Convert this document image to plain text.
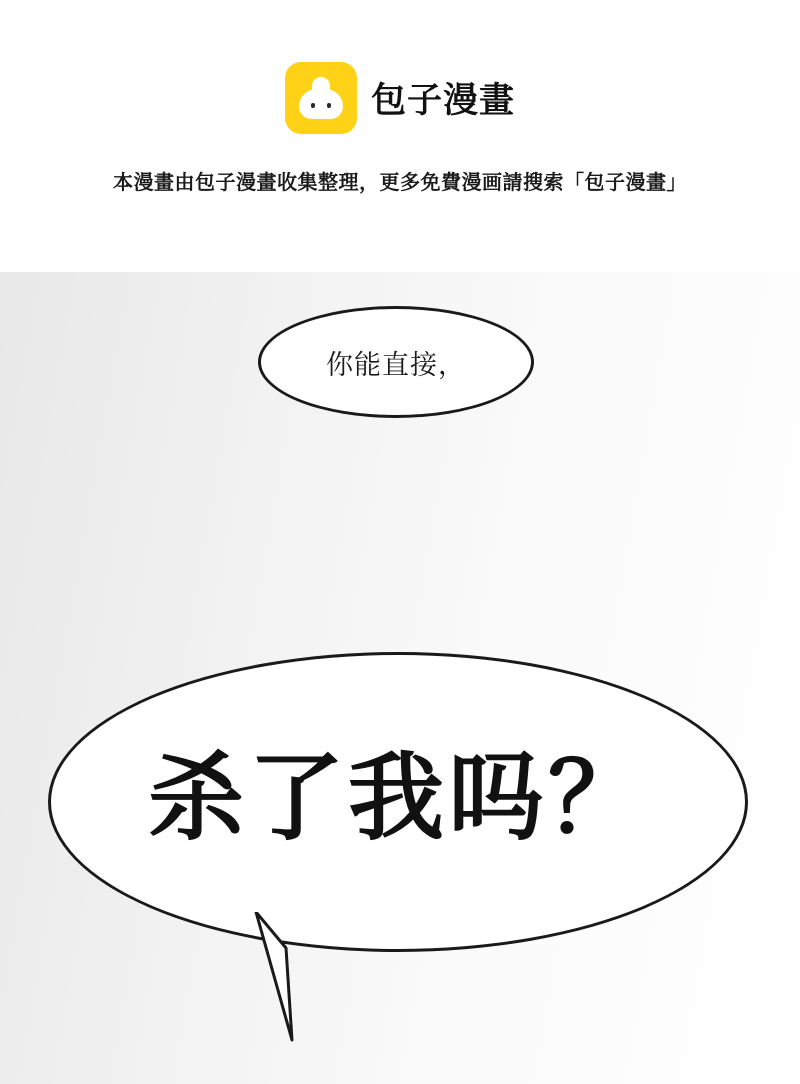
包子漫畫
本漫畫由包子漫畫收集整理，更多免費漫画請搜索「包子漫畫」
你能直接，
杀了我吗？
